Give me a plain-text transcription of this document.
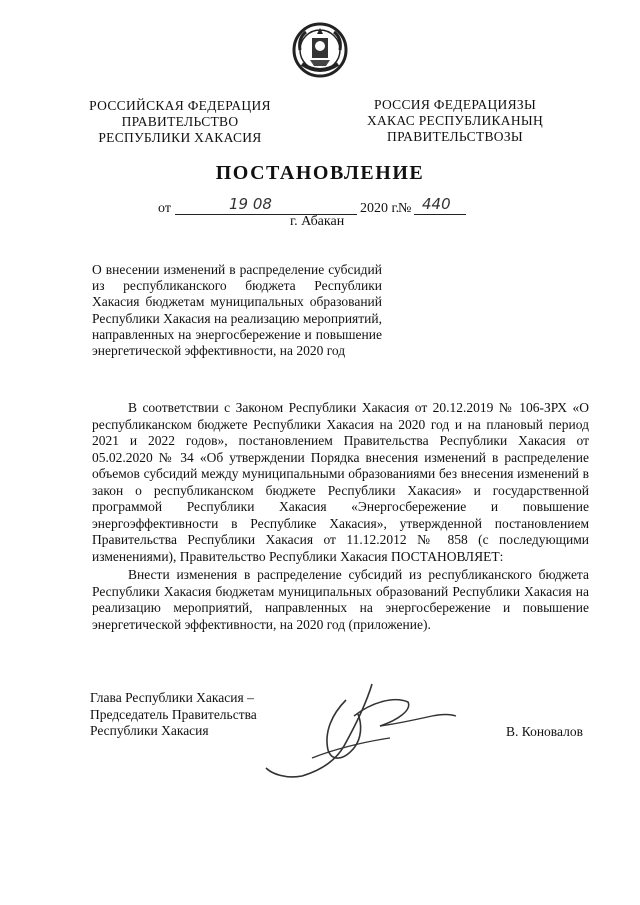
РОССИЙСКАЯ ФЕДЕРАЦИЯ
ПРАВИТЕЛЬСТВО
РЕСПУБЛИКИ ХАКАСИЯ
РОССИЯ ФЕДЕРАЦИЯЗЫ
ХАКАС РЕСПУБЛИКАНЫҢ
ПРАВИТЕЛЬСТВОЗЫ
ПОСТАНОВЛЕНИЕ
от	19 08	2020 г.
№ 440
г. Абакан
О внесении изменений в распределение субсидий из республиканского бюджета Республики Хакасия бюджетам муниципальных образований Республики Хакасия на реализацию мероприятий, направленных на энергосбережение и повышение энергетической эффективности, на 2020 год

В соответствии с Законом Республики Хакасия от 20.12.2019 № 106-ЗРХ «О республиканском бюджете Республики Хакасия на 2020 год и на плановый период 2021 и 2022 годов», постановлением Правительства Республики Хакасия от 05.02.2020 № 34 «Об утверждении Порядка внесения изменений в распределение объемов субсидий между муниципальными образованиями без внесения изменений в закон о республиканском бюджете Республики Хакасия» и государственной программой Республики Хакасия «Энергосбережение и повышение энергоэффективности в Республике Хакасия», утвержденной постановлением Правительства Республики Хакасия от 11.12.2012 № 858 (с последующими изменениями), Правительство Республики Хакасия ПОСТАНОВЛЯЕТ:

Внести изменения в распределение субсидий из республиканского бюджета Республики Хакасия бюджетам муниципальных образований Республики Хакасия на реализацию мероприятий, направленных на энергосбережение и повышение энергетической эффективности, на 2020 год (приложение).

Глава Республики Хакасия –
Председатель Правительства
Республики Хакасия	В. Коновалов
